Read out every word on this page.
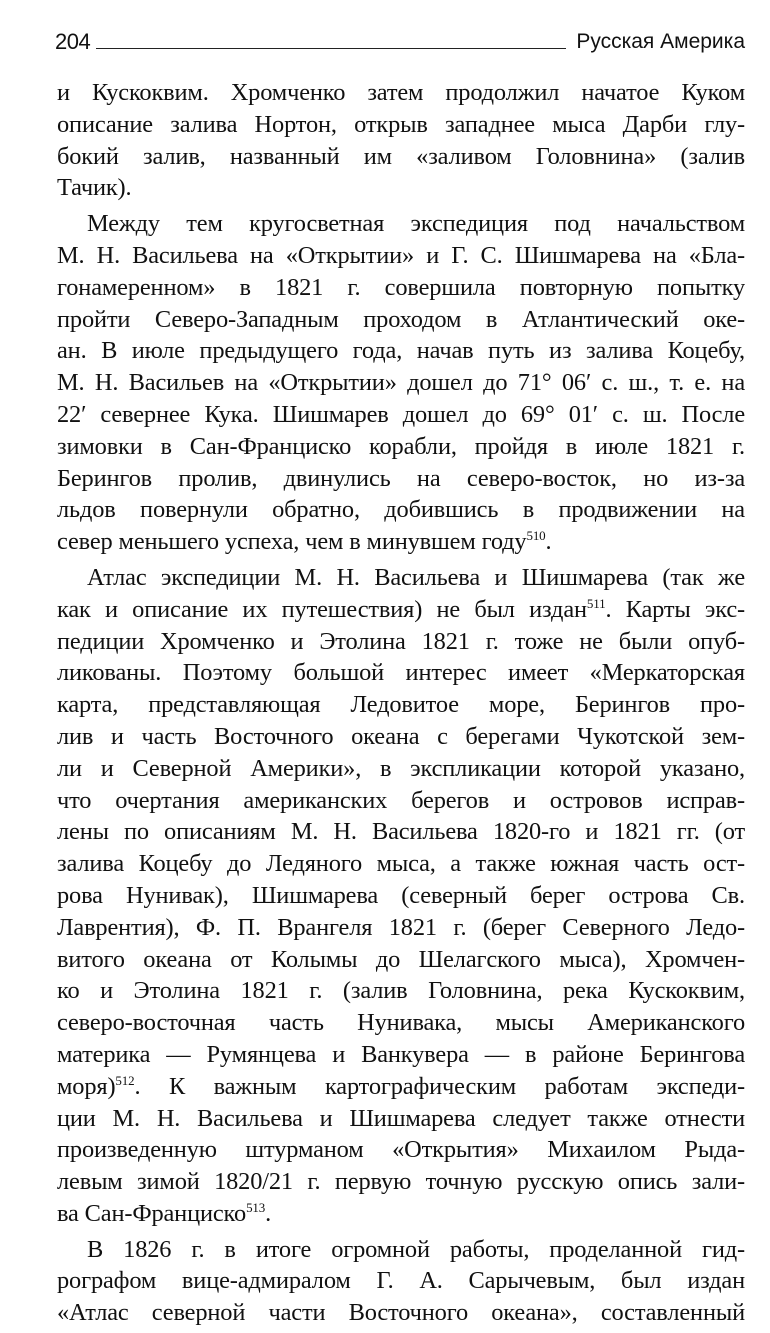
204	Русская Америка
и Кускоквим. Хромченко затем продолжил начатое Куком
описание залива Нортон, открыв западнее мыса Дарби глу-
бокий залив, названный им «заливом Головнина» (залив
Тачик).
Между тем кругосветная экспедиция под начальством
М. Н. Васильева на «Открытии» и Г. С. Шишмарева на «Бла-
гонамеренном» в 1821 г. совершила повторную попытку
пройти Северо-Западным проходом в Атлантический оке-
ан. В июле предыдущего года, начав путь из залива Коцебу,
М. Н. Васильев на «Открытии» дошел до 71° 06′ с. ш., т. е. на
22′ севернее Кука. Шишмарев дошел до 69° 01′ с. ш. После
зимовки в Сан-Франциско корабли, пройдя в июле 1821 г.
Берингов пролив, двинулись на северо-восток, но из-за
льдов повернули обратно, добившись в продвижении на
север меньшего успеха, чем в минувшем году$^{510}$.
Атлас экспедиции М. Н. Васильева и Шишмарева (так же
как и описание их путешествия) не был издан$^{511}$. Карты экс-
педиции Хромченко и Этолина 1821 г. тоже не были опуб-
ликованы. Поэтому большой интерес имеет «Меркаторская
карта, представляющая Ледовитое море, Берингов про-
лив и часть Восточного океана с берегами Чукотской зем-
ли и Северной Америки», в экспликации которой указано,
что очертания американских берегов и островов исправ-
лены по описаниям М. Н. Васильева 1820-го и 1821 гг. (от
залива Коцебу до Ледяного мыса, а также южная часть ост-
рова Нунивак), Шишмарева (северный берег острова Св.
Лаврентия), Ф. П. Врангеля 1821 г. (берег Северного Ледо-
витого океана от Колымы до Шелагского мыса), Хромчен-
ко и Этолина 1821 г. (залив Головнина, река Кускоквим,
северо-восточная часть Нунивака, мысы Американского
материка — Румянцева и Ванкувера — в районе Берингова
моря)$^{512}$. К важным картографическим работам экспеди-
ции М. Н. Васильева и Шишмарева следует также отнести
произведенную штурманом «Открытия» Михаилом Рыда-
левым зимой 1820/21 г. первую точную русскую опись зали-
ва Сан-Франциско$^{513}$.
В 1826 г. в итоге огромной работы, проделанной гид-
рографом вице-адмиралом Г. А. Сарычевым, был издан
«Атлас северной части Восточного океана», составленный
